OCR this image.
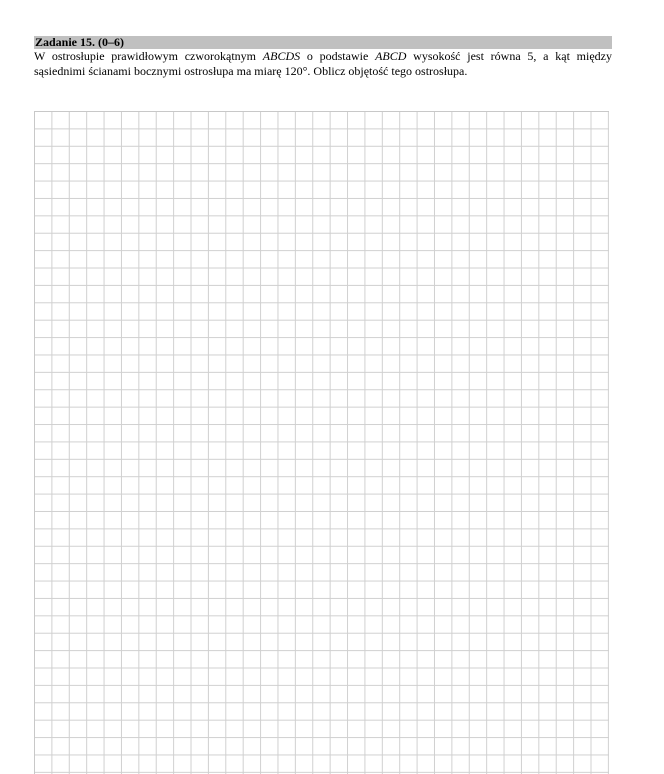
Zadanie 15. (0–6)
W ostrosłupie prawidłowym czworokątnym ABCDS o podstawie ABCD wysokość jest równa 5, a kąt między sąsiednimi ścianami bocznymi ostrosłupa ma miarę 120°. Oblicz objętość tego ostrosłupa.
